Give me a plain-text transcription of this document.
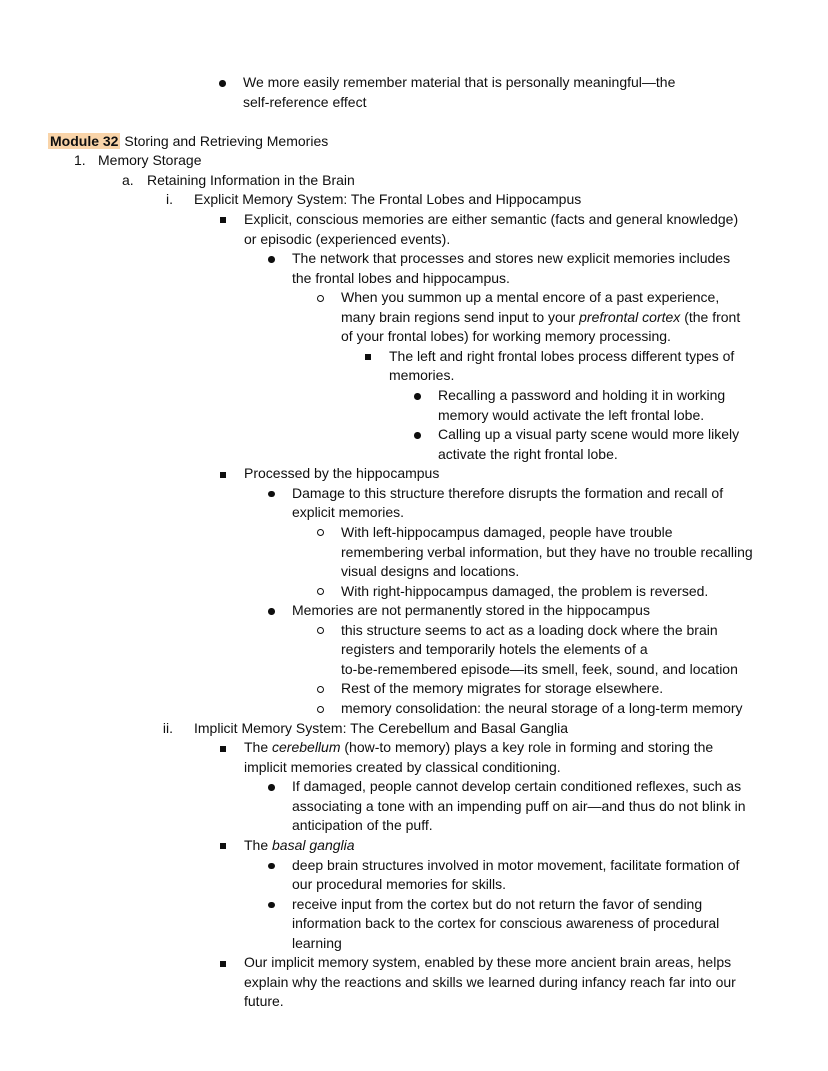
We more easily remember material that is personally meaningful—the
self-reference effect
Module 32 Storing and Retrieving Memories
1. Memory Storage
a. Retaining Information in the Brain
i. Explicit Memory System: The Frontal Lobes and Hippocampus
Explicit, conscious memories are either semantic (facts and general knowledge)
or episodic (experienced events).
The network that processes and stores new explicit memories includes
the frontal lobes and hippocampus.
When you summon up a mental encore of a past experience,
many brain regions send input to your prefrontal cortex (the front
of your frontal lobes) for working memory processing.
The left and right frontal lobes process different types of
memories.
Recalling a password and holding it in working
memory would activate the left frontal lobe.
Calling up a visual party scene would more likely
activate the right frontal lobe.
Processed by the hippocampus
Damage to this structure therefore disrupts the formation and recall of
explicit memories.
With left-hippocampus damaged, people have trouble
remembering verbal information, but they have no trouble recalling
visual designs and locations.
With right-hippocampus damaged, the problem is reversed.
Memories are not permanently stored in the hippocampus
this structure seems to act as a loading dock where the brain
registers and temporarily hotels the elements of a
to-be-remembered episode—its smell, feek, sound, and location
Rest of the memory migrates for storage elsewhere.
memory consolidation: the neural storage of a long-term memory
ii. Implicit Memory System: The Cerebellum and Basal Ganglia
The cerebellum (how-to memory) plays a key role in forming and storing the
implicit memories created by classical conditioning.
If damaged, people cannot develop certain conditioned reflexes, such as
associating a tone with an impending puff on air—and thus do not blink in
anticipation of the puff.
The basal ganglia
deep brain structures involved in motor movement, facilitate formation of
our procedural memories for skills.
receive input from the cortex but do not return the favor of sending
information back to the cortex for conscious awareness of procedural
learning
Our implicit memory system, enabled by these more ancient brain areas, helps
explain why the reactions and skills we learned during infancy reach far into our
future.
